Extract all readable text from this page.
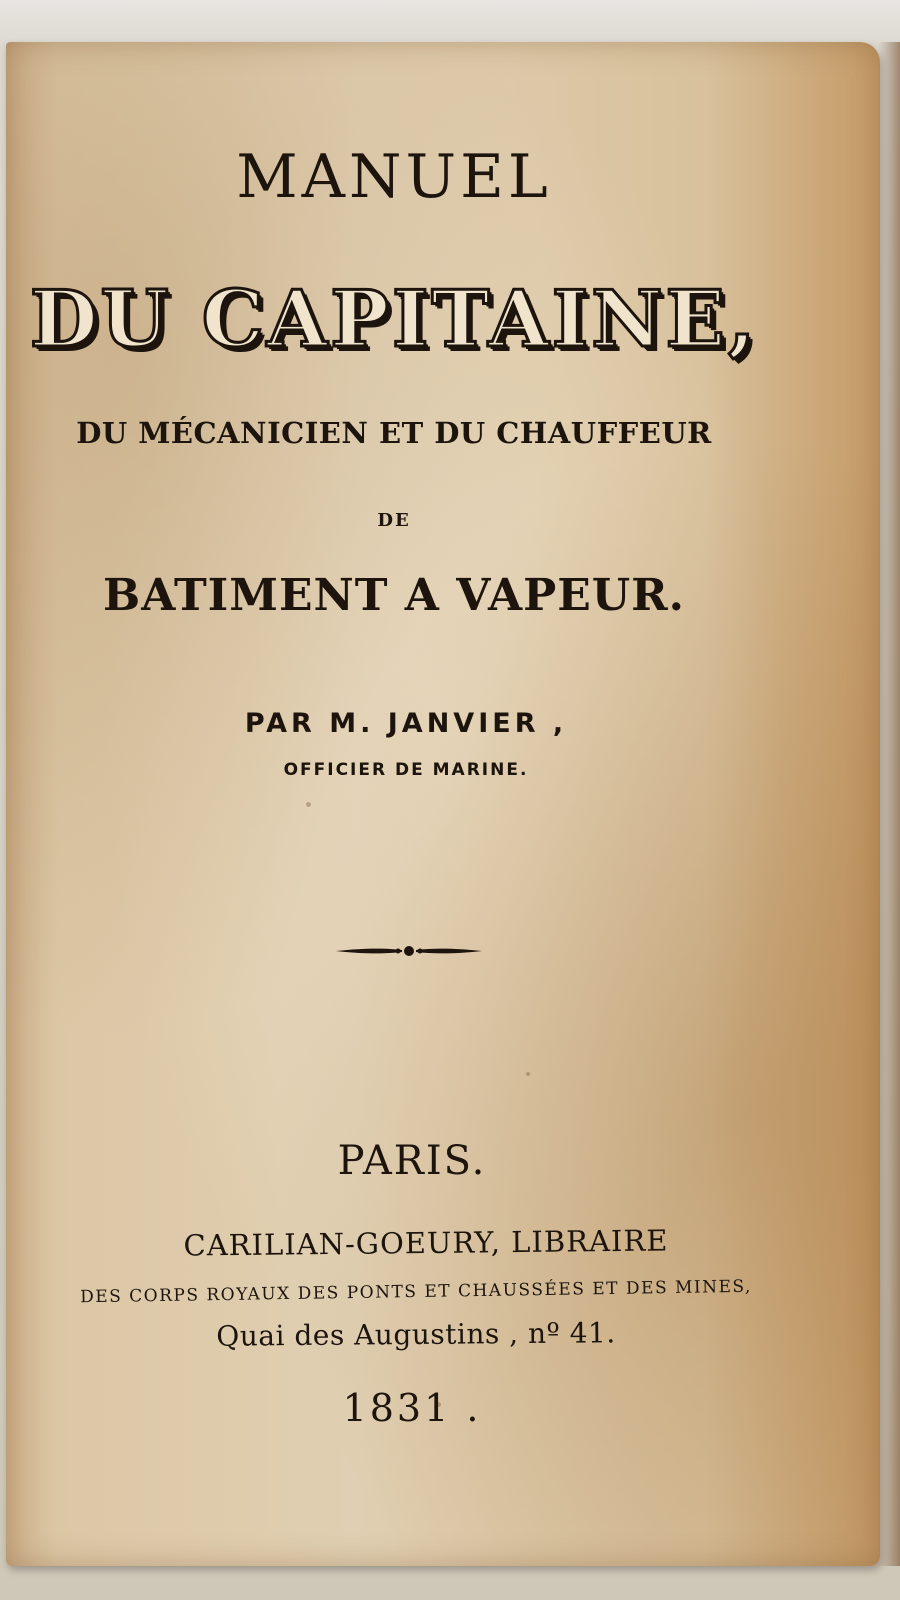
MANUEL

DU CAPITAINE,

DU MÉCANICIEN ET DU CHAUFFEUR

DE

BATIMENT A VAPEUR.

PAR M. JANVIER ,

OFFICIER DE MARINE.

PARIS.

CARILIAN-GOEURY, LIBRAIRE

DES CORPS ROYAUX DES PONTS ET CHAUSSÉES ET DES MINES,

Quai des Augustins , nº 41.

1831 .
